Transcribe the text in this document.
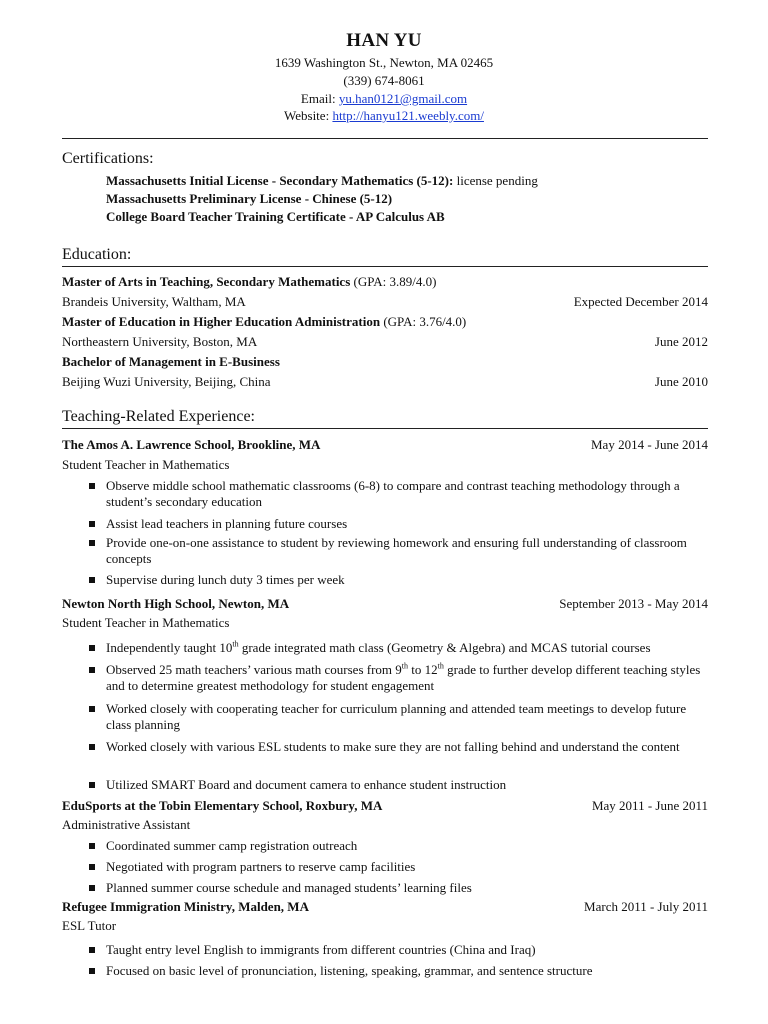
HAN YU
1639 Washington St., Newton, MA 02465
(339) 674-8061
Email: yu.han0121@gmail.com
Website: http://hanyu121.weebly.com/
Certifications:
Massachusetts Initial License - Secondary Mathematics (5-12): license pending
Massachusetts Preliminary License - Chinese (5-12)
College Board Teacher Training Certificate - AP Calculus AB
Education:
Master of Arts in Teaching, Secondary Mathematics (GPA: 3.89/4.0)
Brandeis University, Waltham, MA	Expected December 2014
Master of Education in Higher Education Administration (GPA: 3.76/4.0)
Northeastern University, Boston, MA	June 2012
Bachelor of Management in E-Business
Beijing Wuzi University, Beijing, China	June 2010
Teaching-Related Experience:
The Amos A. Lawrence School, Brookline, MA	May 2014 - June 2014
Student Teacher in Mathematics
Observe middle school mathematic classrooms (6-8) to compare and contrast teaching methodology through a student’s secondary education
Assist lead teachers in planning future courses
Provide one-on-one assistance to student by reviewing homework and ensuring full understanding of classroom concepts
Supervise during lunch duty 3 times per week
Newton North High School, Newton, MA	September 2013 - May 2014
Student Teacher in Mathematics
Independently taught 10th grade integrated math class (Geometry & Algebra) and MCAS tutorial courses
Observed 25 math teachers’ various math courses from 9th to 12th grade to further develop different teaching styles and to determine greatest methodology for student engagement
Worked closely with cooperating teacher for curriculum planning and attended team meetings to develop future class planning
Worked closely with various ESL students to make sure they are not falling behind and understand the content
Utilized SMART Board and document camera to enhance student instruction
EduSports at the Tobin Elementary School, Roxbury, MA	May 2011 - June 2011
Administrative Assistant
Coordinated summer camp registration outreach
Negotiated with program partners to reserve camp facilities
Planned summer course schedule and managed students’ learning files
Refugee Immigration Ministry, Malden, MA	March 2011 - July 2011
ESL Tutor
Taught entry level English to immigrants from different countries (China and Iraq)
Focused on basic level of pronunciation, listening, speaking, grammar, and sentence structure
